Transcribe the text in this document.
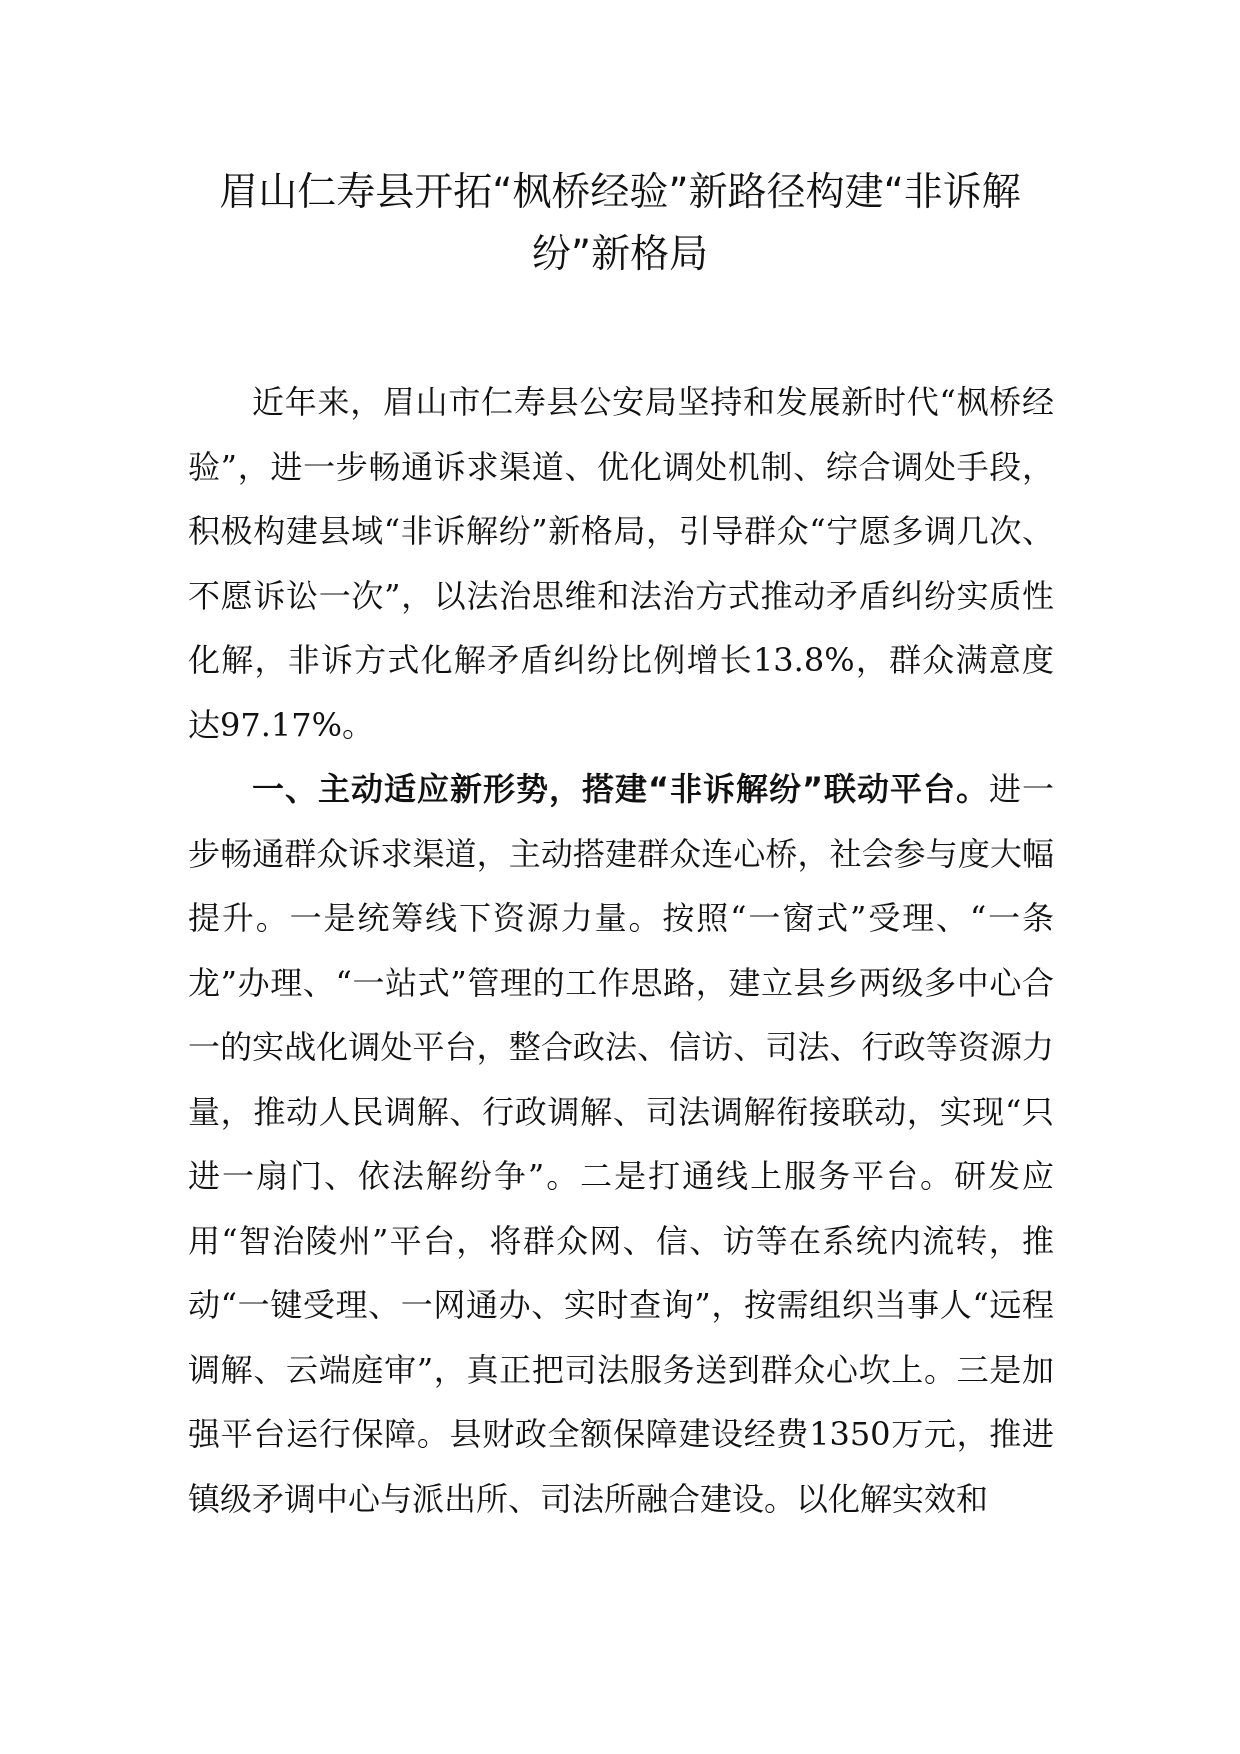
眉山仁寿县开拓“枫桥经验”新路径构建“非诉解纷”新格局

近年来，眉山市仁寿县公安局坚持和发展新时代“枫桥经验”，进一步畅通诉求渠道、优化调处机制、综合调处手段，积极构建县域“非诉解纷”新格局，引导群众“宁愿多调几次、不愿诉讼一次”，以法治思维和法治方式推动矛盾纠纷实质性化解，非诉方式化解矛盾纠纷比例增长13.8%，群众满意度达97.17%。

一、主动适应新形势，搭建“非诉解纷”联动平台。进一步畅通群众诉求渠道，主动搭建群众连心桥，社会参与度大幅提升。一是统筹线下资源力量。按照“一窗式”受理、“一条龙”办理、“一站式”管理的工作思路，建立县乡两级多中心合一的实战化调处平台，整合政法、信访、司法、行政等资源力量，推动人民调解、行政调解、司法调解衔接联动，实现“只进一扇门、依法解纷争”。二是打通线上服务平台。研发应用“智治陵州”平台，将群众网、信、访等在系统内流转，推动“一键受理、一网通办、实时查询”，按需组织当事人“远程调解、云端庭审”，真正把司法服务送到群众心坎上。三是加强平台运行保障。县财政全额保障建设经费1350万元，推进镇级矛调中心与派出所、司法所融合建设。以化解实效和
